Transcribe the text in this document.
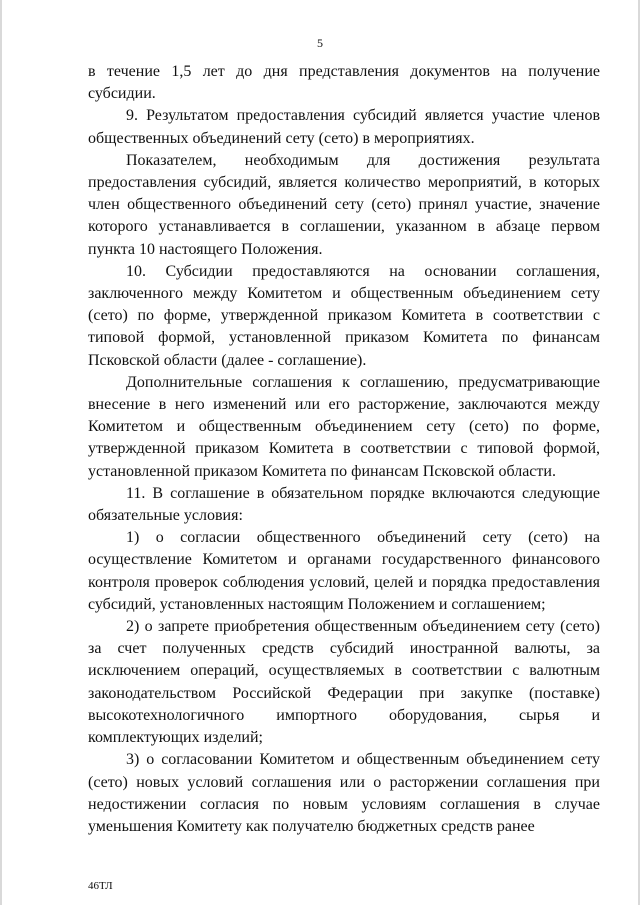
5

в течение 1,5 лет до дня представления документов на получение субсидии.

9. Результатом предоставления субсидий является участие членов общественных объединений сету (сето) в мероприятиях.

Показателем, необходимым для достижения результата предоставления субсидий, является количество мероприятий, в которых член общественного объединений сету (сето) принял участие, значение которого устанавливается в соглашении, указанном в абзаце первом пункта 10 настоящего Положения.

10. Субсидии предоставляются на основании соглашения, заключенного между Комитетом и общественным объединением сету (сето) по форме, утвержденной приказом Комитета в соответствии с типовой формой, установленной приказом Комитета по финансам Псковской области (далее - соглашение).

Дополнительные соглашения к соглашению, предусматривающие внесение в него изменений или его расторжение, заключаются между Комитетом и общественным объединением сету (сето) по форме, утвержденной приказом Комитета в соответствии с типовой формой, установленной приказом Комитета по финансам Псковской области.

11. В соглашение в обязательном порядке включаются следующие обязательные условия:

1) о согласии общественного объединений сету (сето) на осуществление Комитетом и органами государственного финансового контроля проверок соблюдения условий, целей и порядка предоставления субсидий, установленных настоящим Положением и соглашением;

2) о запрете приобретения общественным объединением сету (сето) за счет полученных средств субсидий иностранной валюты, за исключением операций, осуществляемых в соответствии с валютным законодательством Российской Федерации при закупке (поставке) высокотехнологичного импортного оборудования, сырья и комплектующих изделий;

3) о согласовании Комитетом и общественным объединением сету (сето) новых условий соглашения или о расторжении соглашения при недостижении согласия по новым условиям соглашения в случае уменьшения Комитету как получателю бюджетных средств ранее

46ТЛ
